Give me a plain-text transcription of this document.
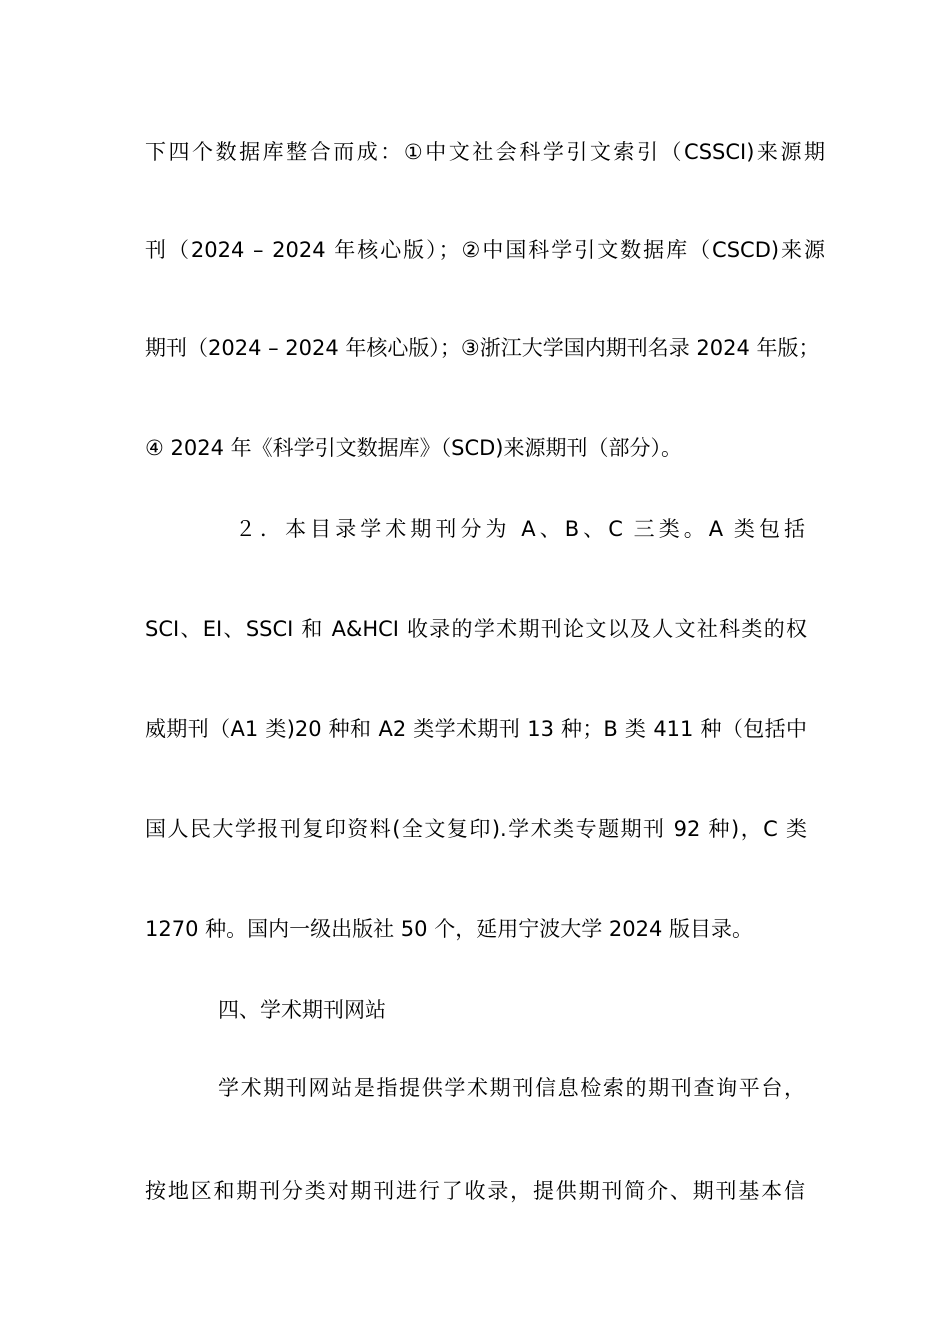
下四个数据库整合而成：①中文社会科学引文索引（CSSCI)来源期
刊（2024 – 2024 年核心版）；②中国科学引文数据库（CSCD)来源
期刊（2024 – 2024 年核心版）；③浙江大学国内期刊名录 2024 年版；
④ 2024 年《科学引文数据库》（SCD)来源期刊（部分）。
２．本目录学术期刊分为 A、B、C 三类。A 类包括
SCI、EI、SSCI 和 A&HCI 收录的学术期刊论文以及人文社科类的权
威期刊（A1 类)20 种和 A2 类学术期刊 13 种；B 类 411 种（包括中
国人民大学报刊复印资料(全文复印).学术类专题期刊 92 种)，C 类
1270 种。国内一级出版社 50 个，延用宁波大学 2024 版目录。
四、学术期刊网站
学术期刊网站是指提供学术期刊信息检索的期刊查询平台，
按地区和期刊分类对期刊进行了收录，提供期刊简介、期刊基本信
